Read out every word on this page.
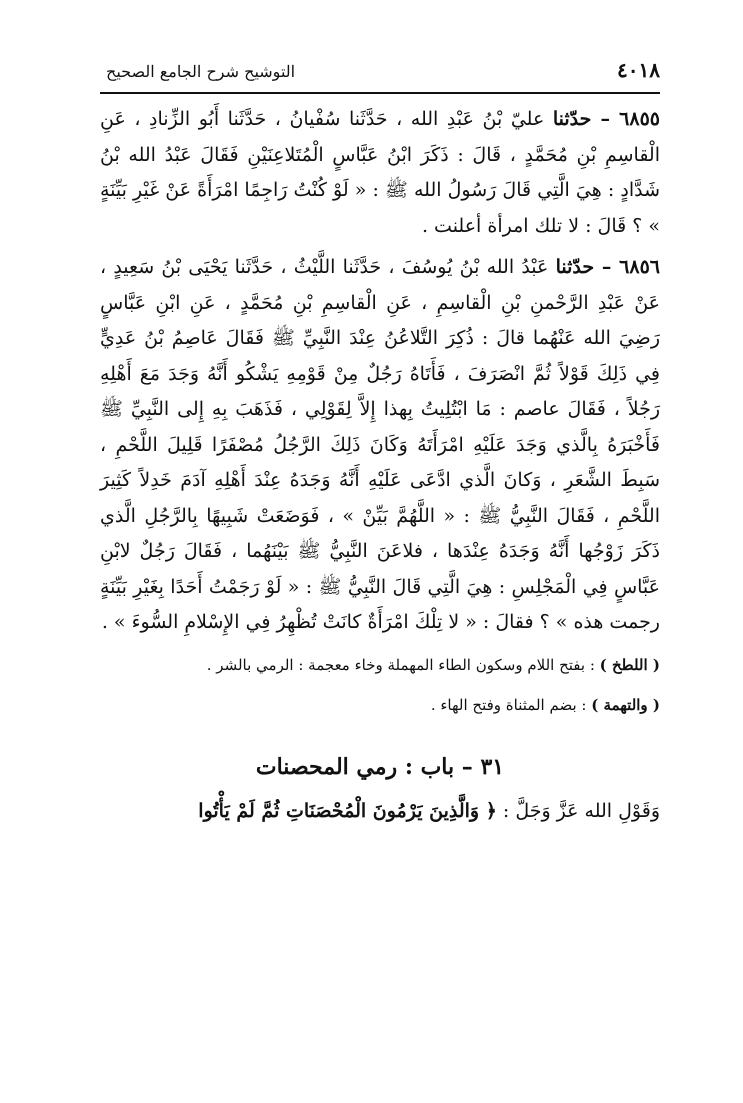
٤٠١٨
التوشيح شرح الجامع الصحيح

٦٨٥٥ – حدّثنا عليّ بْنُ عَبْدِ الله ، حَدَّثَنا سُفْيانُ ، حَدَّثَنا أَبُو الزِّنادِ ، عَنِ الْقاسِمِ بْنِ مُحَمَّدٍ ، قَالَ : ذَكَرَ ابْنُ عَبَّاسٍ الْمُتَلاعِنَيْنِ فَقَالَ عَبْدُ الله بْنُ شَدَّادٍ : هِيَ الَّتِي قَالَ رَسُولُ الله ﷺ : « لَوْ كُنْتُ رَاجِمًا امْرَأَةً عَنْ غَيْرِ بَيِّنَةٍ » ؟ قَالَ : لا تلك امرأة أعلنت .

٦٨٥٦ – حدّثنا عَبْدُ الله بْنُ يُوسُفَ ، حَدَّثَنا اللَّيْثُ ، حَدَّثَنا يَحْيَى بْنُ سَعِيدٍ ، عَنْ عَبْدِ الرَّحْمنِ بْنِ الْقاسِمِ ، عَنِ الْقاسِمِ بْنِ مُحَمَّدٍ ، عَنِ ابْنِ عَبَّاسٍ رَضِيَ الله عَنْهُما قالَ : ذُكِرَ التَّلاعُنُ عِنْدَ النَّبِيِّ ﷺ فَقَالَ عَاصِمُ بْنُ عَدِيٍّ فِي ذَلِكَ قَوْلاً ثُمَّ انْصَرَفَ ، فَأَتَاهُ رَجُلٌ مِنْ قَوْمِهِ يَشْكُو أَنَّهُ وَجَدَ مَعَ أَهْلِهِ رَجُلاً ، فَقَالَ عاصم : مَا ابْتُلِيتُ بِهذا إِلاَّ لِقَوْلِي ، فَذَهَبَ بِهِ إِلى النَّبِيِّ ﷺ فَأَخْبَرَهُ بِالَّذي وَجَدَ عَلَيْهِ امْرَأَتَهُ وَكَانَ ذَلِكَ الرَّجُلُ مُصْفَرًا قَلِيلَ اللَّحْمِ ، سَبِطَ الشَّعَرِ ، وَكانَ الَّذي ادَّعَى عَلَيْهِ أَنَّهُ وَجَدَهُ عِنْدَ أَهْلِهِ آدَمَ خَدِلاً كَثِيرَ اللَّحْمِ ، فَقَالَ النَّبِيُّ ﷺ : « اللَّهُمَّ بَيِّنْ » ، فَوَضَعَتْ شَبِيهًا بِالرَّجُلِ الَّذي ذَكَرَ زَوْجُها أَنَّهُ وَجَدَهُ عِنْدَها ، فلاعَنَ النَّبِيُّ ﷺ بَيْنَهُما ، فَقَالَ رَجُلٌ لابْنِ عَبَّاسٍ فِي الْمَجْلِسِ : هِيَ الَّتِي قَالَ النَّبِيُّ ﷺ : « لَوْ رَجَمْتُ أَحَدًا بِغَيْرِ بَيِّنَةٍ رجمت هذه » ؟ فقالَ : « لا تِلْكَ امْرَأَةٌ كانَتْ تُظْهِرُ فِي الإِسْلامِ السُّوءَ » .

( اللطخ ) : بفتح اللام وسكون الطاء المهملة وخاء معجمة : الرمي بالشر .

( والتهمة ) : بضم المثناة وفتح الهاء .

٣١ – باب : رمي المحصنات

وَقَوْلِ الله عَزَّ وَجَلَّ : ﴿ وَالَّذِينَ يَرْمُونَ الْمُحْصَنَاتِ ثُمَّ لَمْ يَأْتُوا
